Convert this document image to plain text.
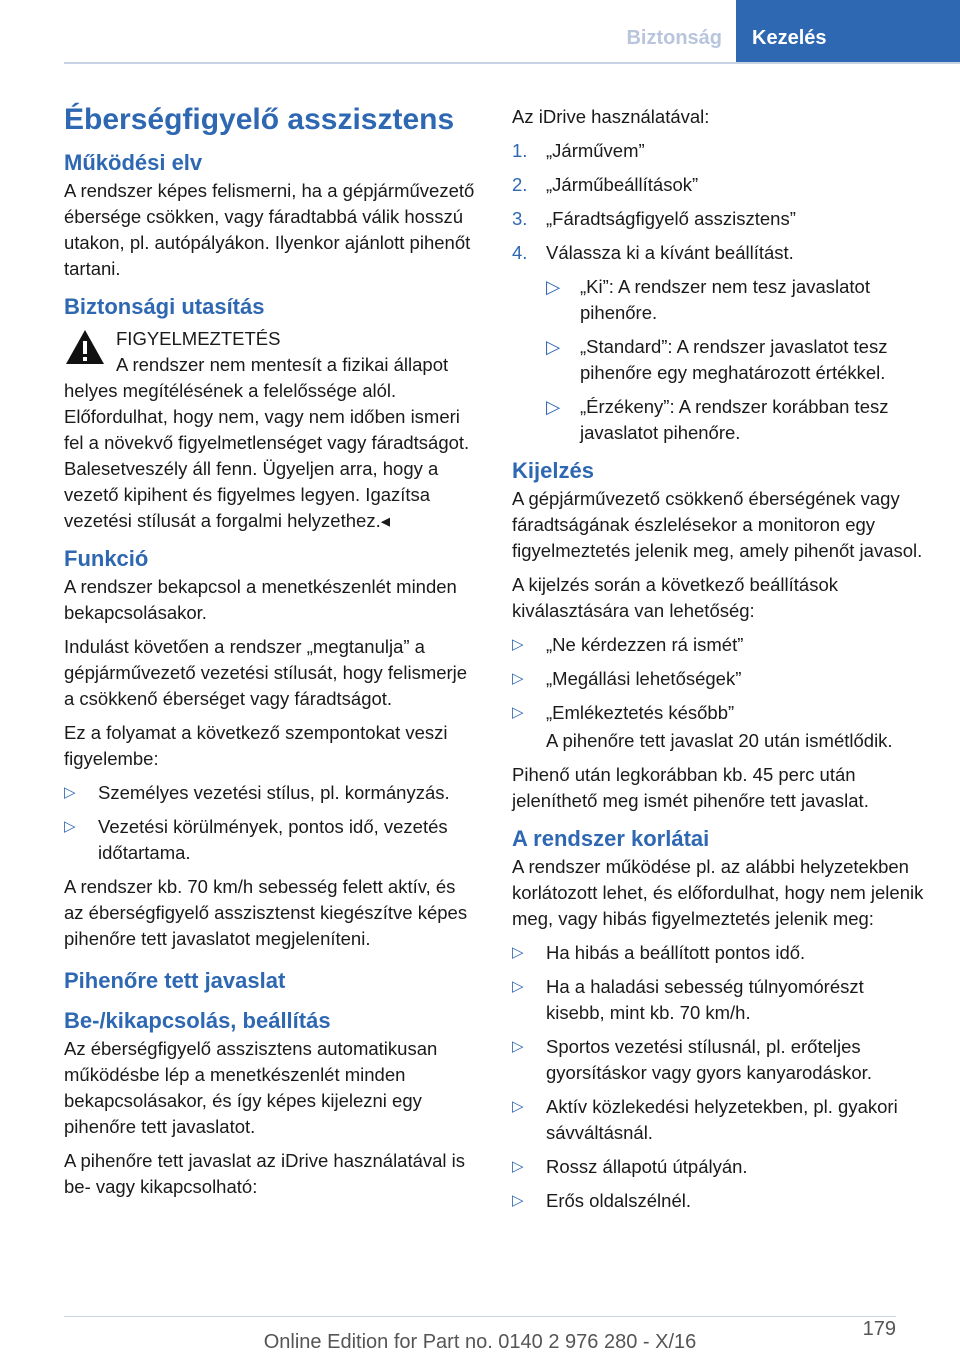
Biztonság	Kezelés
Éberségfigyelő asszisztens
Működési elv
A rendszer képes felismerni, ha a gépjárművezető ébersége csökken, vagy fáradtabbá válik hosszú utakon, pl. autópályákon. Ilyenkor ajánlott pihenőt tartani.
Biztonsági utasítás
FIGYELMEZTETÉS
A rendszer nem mentesít a fizikai állapot helyes megítélésének a felelőssége alól. Előfordulhat, hogy nem, vagy nem időben ismeri fel a növekvő figyelmetlenséget vagy fáradtságot. Balesetveszély áll fenn. Ügyeljen arra, hogy a vezető kipihent és figyelmes legyen. Igazítsa vezetési stílusát a forgalmi helyzethez.◂
Funkció
A rendszer bekapcsol a menetkészenlét minden bekapcsolásakor.
Indulást követően a rendszer „megtanulja” a gépjárművezető vezetési stílusát, hogy felismerje a csökkenő éberséget vagy fáradtságot.
Ez a folyamat a következő szempontokat veszi figyelembe:
▷ Személyes vezetési stílus, pl. kormányzás.
▷ Vezetési körülmények, pontos idő, vezetés időtartama.
A rendszer kb. 70 km/h sebesség felett aktív, és az éberségfigyelő asszisztenst kiegészítve képes pihenőre tett javaslatot megjeleníteni.
Pihenőre tett javaslat
Be-/kikapcsolás, beállítás
Az éberségfigyelő asszisztens automatikusan működésbe lép a menetkészenlét minden bekapcsolásakor, és így képes kijelezni egy pihenőre tett javaslatot.
A pihenőre tett javaslat az iDrive használatával is be- vagy kikapcsolható:
Az iDrive használatával:
1. „Járművem”
2. „Járműbeállítások”
3. „Fáradtságfigyelő asszisztens”
4. Válassza ki a kívánt beállítást.
▷ „Ki”: A rendszer nem tesz javaslatot pihenőre.
▷ „Standard”: A rendszer javaslatot tesz pihenőre egy meghatározott értékkel.
▷ „Érzékeny”: A rendszer korábban tesz javaslatot pihenőre.
Kijelzés
A gépjárművezető csökkenő éberségének vagy fáradtságának észlelésekor a monitoron egy figyelmeztetés jelenik meg, amely pihenőt javasol.
A kijelzés során a következő beállítások kiválasztására van lehetőség:
▷ „Ne kérdezzen rá ismét”
▷ „Megállási lehetőségek”
▷ „Emlékeztetés később”
A pihenőre tett javaslat 20 után ismétlődik.
Pihenő után legkorábban kb. 45 perc után jeleníthető meg ismét pihenőre tett javaslat.
A rendszer korlátai
A rendszer működése pl. az alábbi helyzetekben korlátozott lehet, és előfordulhat, hogy nem jelenik meg, vagy hibás figyelmeztetés jelenik meg:
▷ Ha hibás a beállított pontos idő.
▷ Ha a haladási sebesség túlnyomórészt kisebb, mint kb. 70 km/h.
▷ Sportos vezetési stílusnál, pl. erőteljes gyorsításkor vagy gyors kanyarodáskor.
▷ Aktív közlekedési helyzetekben, pl. gyakori sávváltásnál.
▷ Rossz állapotú útpályán.
▷ Erős oldalszélnél.
179
Online Edition for Part no. 0140 2 976 280 - X/16
